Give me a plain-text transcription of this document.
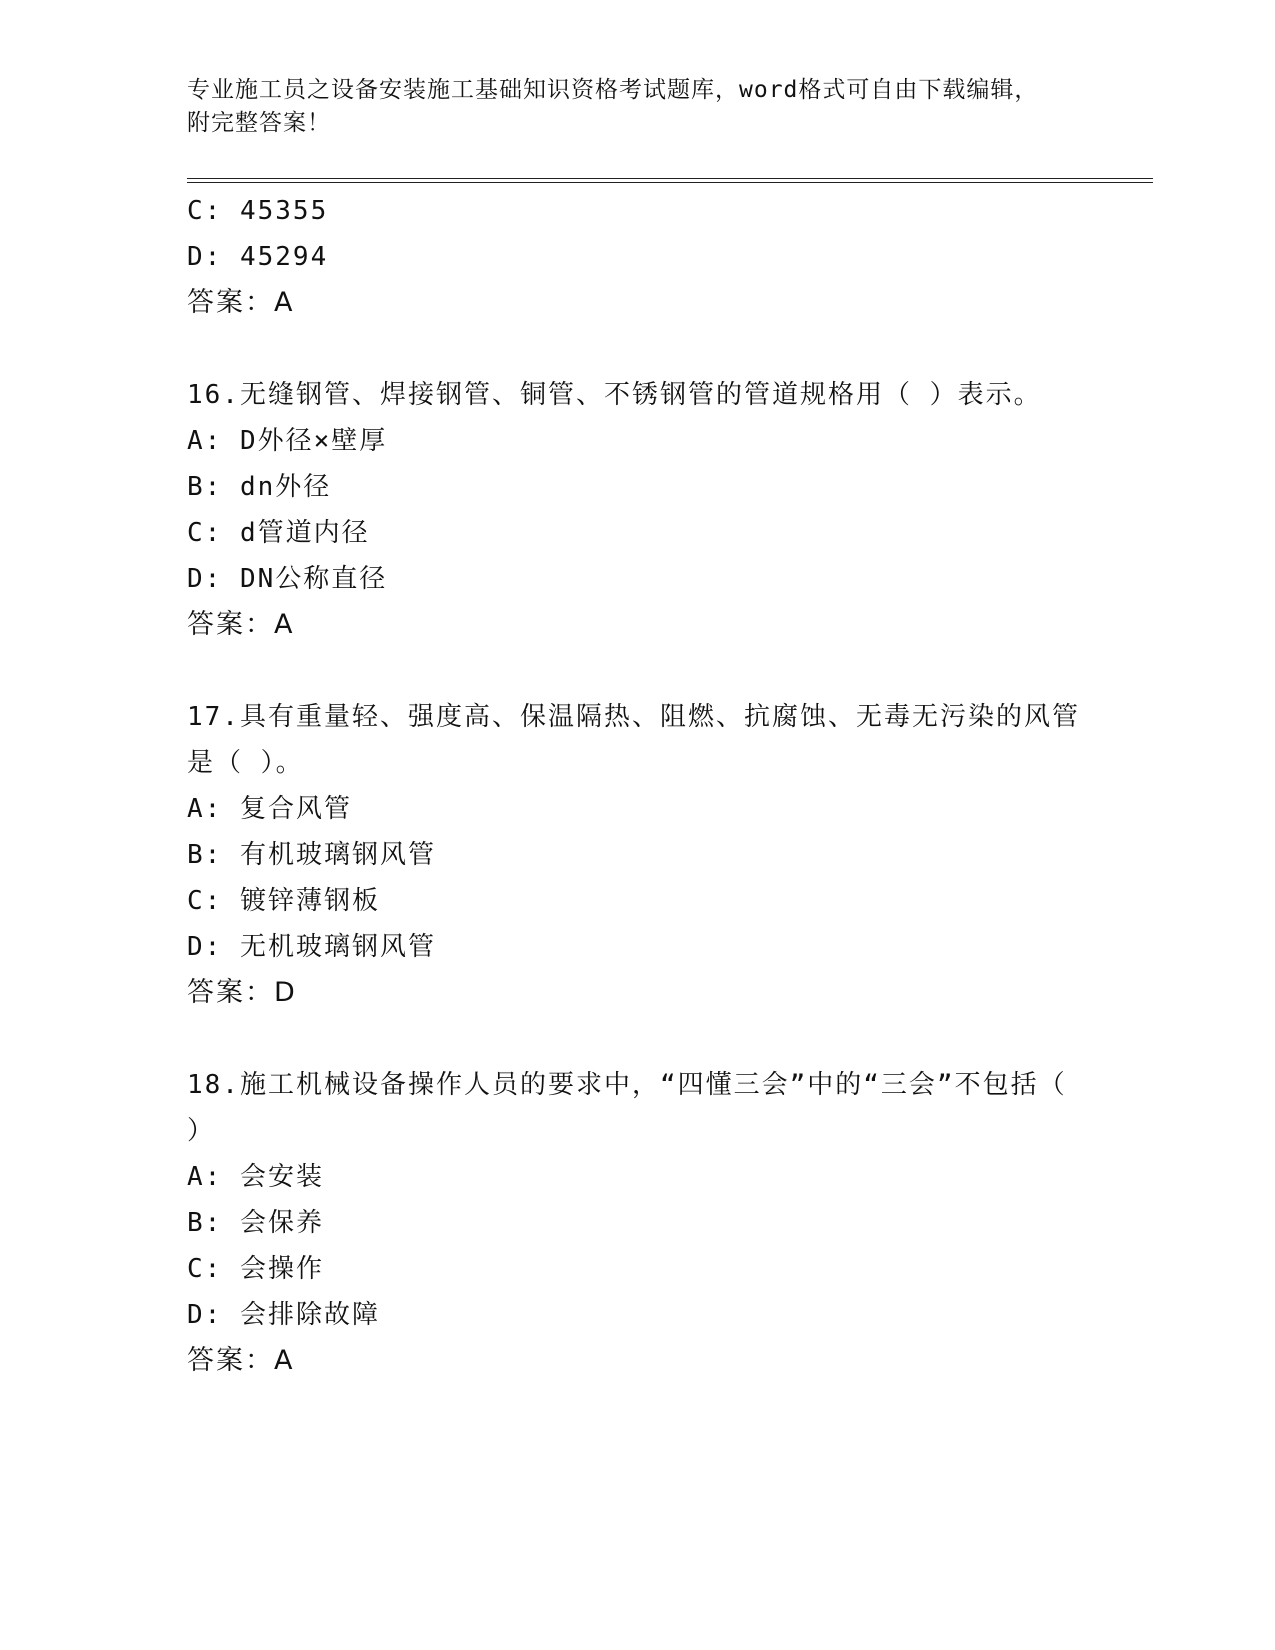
专业施工员之设备安装施工基础知识资格考试题库，word格式可自由下载编辑，
附完整答案！
C: 45355
D: 45294
答案：A
16.无缝钢管、焊接钢管、铜管、不锈钢管的管道规格用（ ）表示。
A: D外径×壁厚
B: dn外径
C: d管道内径
D: DN公称直径
答案：A
17.具有重量轻、强度高、保温隔热、阻燃、抗腐蚀、无毒无污染的风管是（ ）。
A: 复合风管
B: 有机玻璃钢风管
C: 镀锌薄钢板
D: 无机玻璃钢风管
答案：D
18.施工机械设备操作人员的要求中，“四懂三会”中的“三会”不包括（ ）
A: 会安装
B: 会保养
C: 会操作
D: 会排除故障
答案：A
